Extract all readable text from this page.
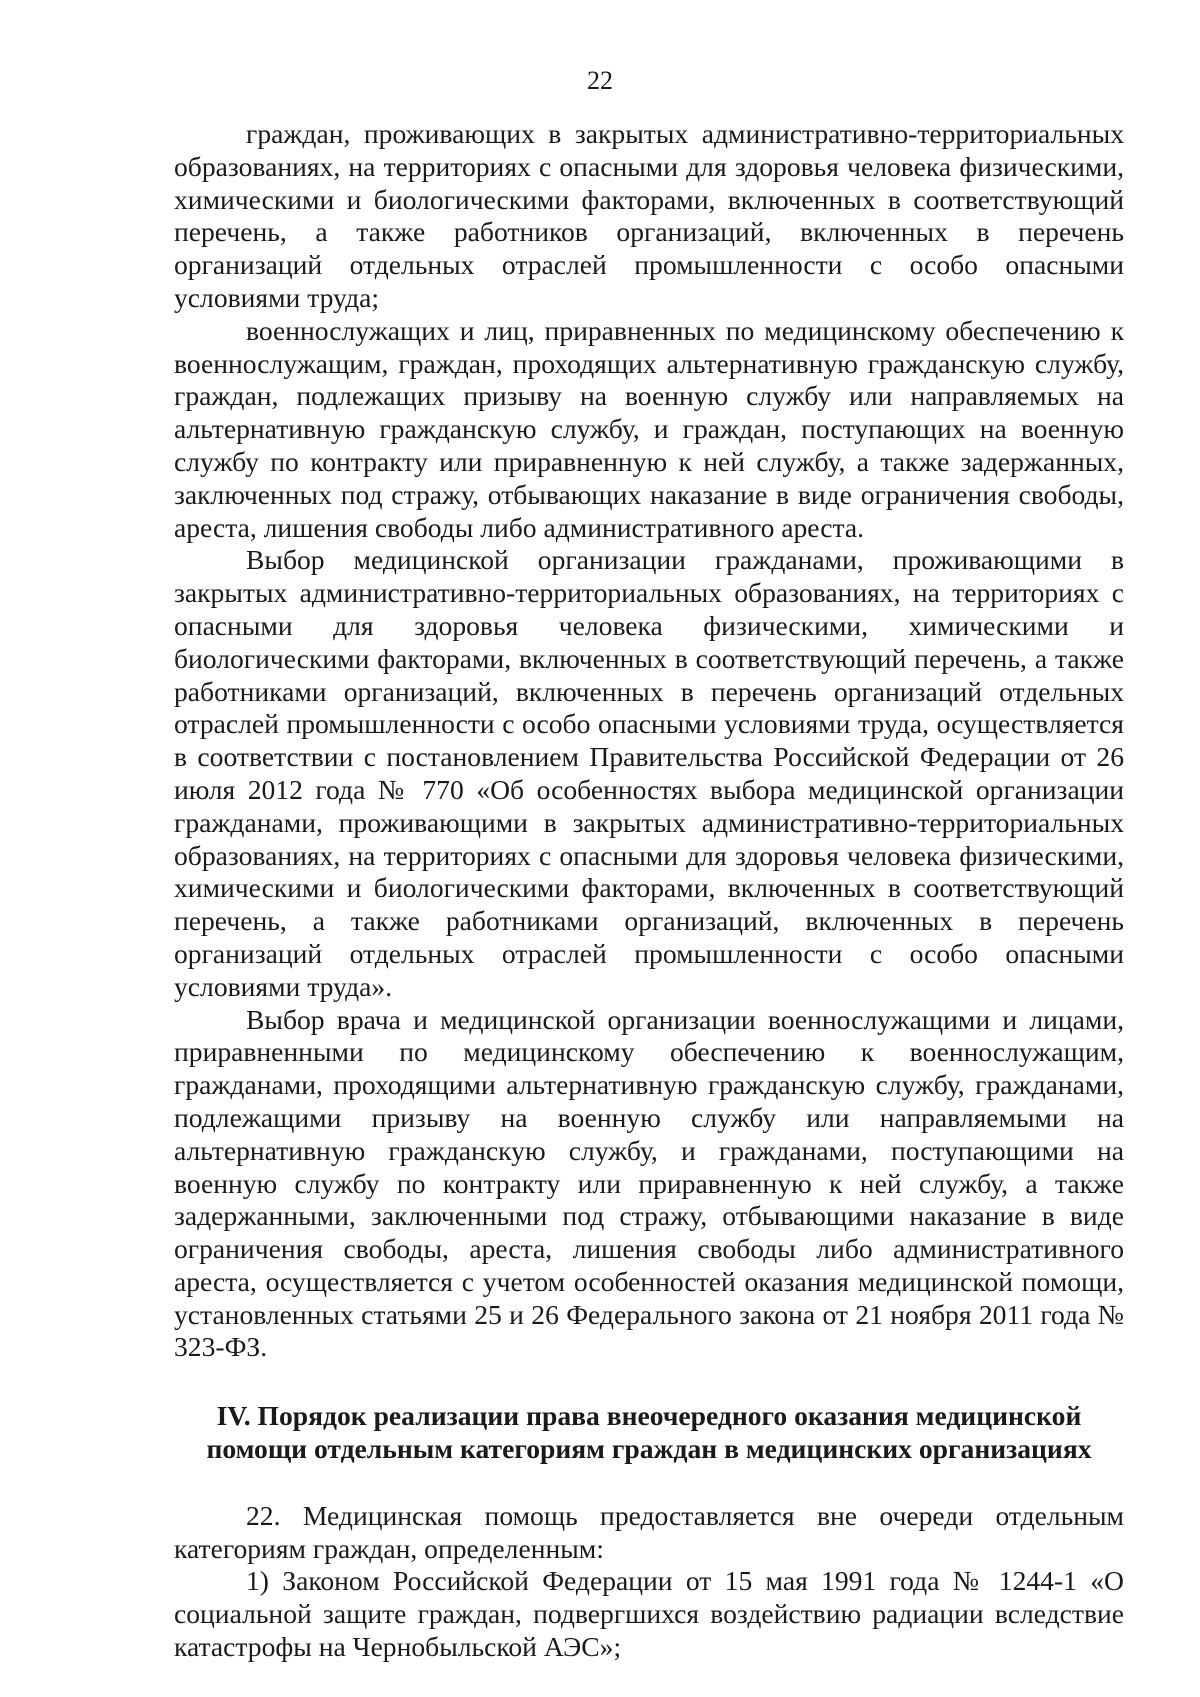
22

граждан, проживающих в закрытых административно-территориальных образованиях, на территориях с опасными для здоровья человека физическими, химическими и биологическими факторами, включенных в соответствующий перечень, а также работников организаций, включенных в перечень организаций отдельных отраслей промышленности с особо опасными условиями труда;

военнослужащих и лиц, приравненных по медицинскому обеспечению к военнослужащим, граждан, проходящих альтернативную гражданскую службу, граждан, подлежащих призыву на военную службу или направляемых на альтернативную гражданскую службу, и граждан, поступающих на военную службу по контракту или приравненную к ней службу, а также задержанных, заключенных под стражу, отбывающих наказание в виде ограничения свободы, ареста, лишения свободы либо административного ареста.

Выбор медицинской организации гражданами, проживающими в закрытых административно-территориальных образованиях, на территориях с опасными для здоровья человека физическими, химическими и биологическими факторами, включенных в соответствующий перечень, а также работниками организаций, включенных в перечень организаций отдельных отраслей промышленности с особо опасными условиями труда, осуществляется в соответствии с постановлением Правительства Российской Федерации от 26 июля 2012 года № 770 «Об особенностях выбора медицинской организации гражданами, проживающими в закрытых административно-территориальных образованиях, на территориях с опасными для здоровья человека физическими, химическими и биологическими факторами, включенных в соответствующий перечень, а также работниками организаций, включенных в перечень организаций отдельных отраслей промышленности с особо опасными условиями труда».

Выбор врача и медицинской организации военнослужащими и лицами, приравненными по медицинскому обеспечению к военнослужащим, гражданами, проходящими альтернативную гражданскую службу, гражданами, подлежащими призыву на военную службу или направляемыми на альтернативную гражданскую службу, и гражданами, поступающими на военную службу по контракту или приравненную к ней службу, а также задержанными, заключенными под стражу, отбывающими наказание в виде ограничения свободы, ареста, лишения свободы либо административного ареста, осуществляется с учетом особенностей оказания медицинской помощи, установленных статьями 25 и 26 Федерального закона от 21 ноября 2011 года № 323-ФЗ.

IV. Порядок реализации права внеочередного оказания медицинской
помощи отдельным категориям граждан в медицинских организациях

22. Медицинская помощь предоставляется вне очереди отдельным категориям граждан, определенным:

1) Законом Российской Федерации от 15 мая 1991 года № 1244-1 «О социальной защите граждан, подвергшихся воздействию радиации вследствие катастрофы на Чернобыльской АЭС»;
